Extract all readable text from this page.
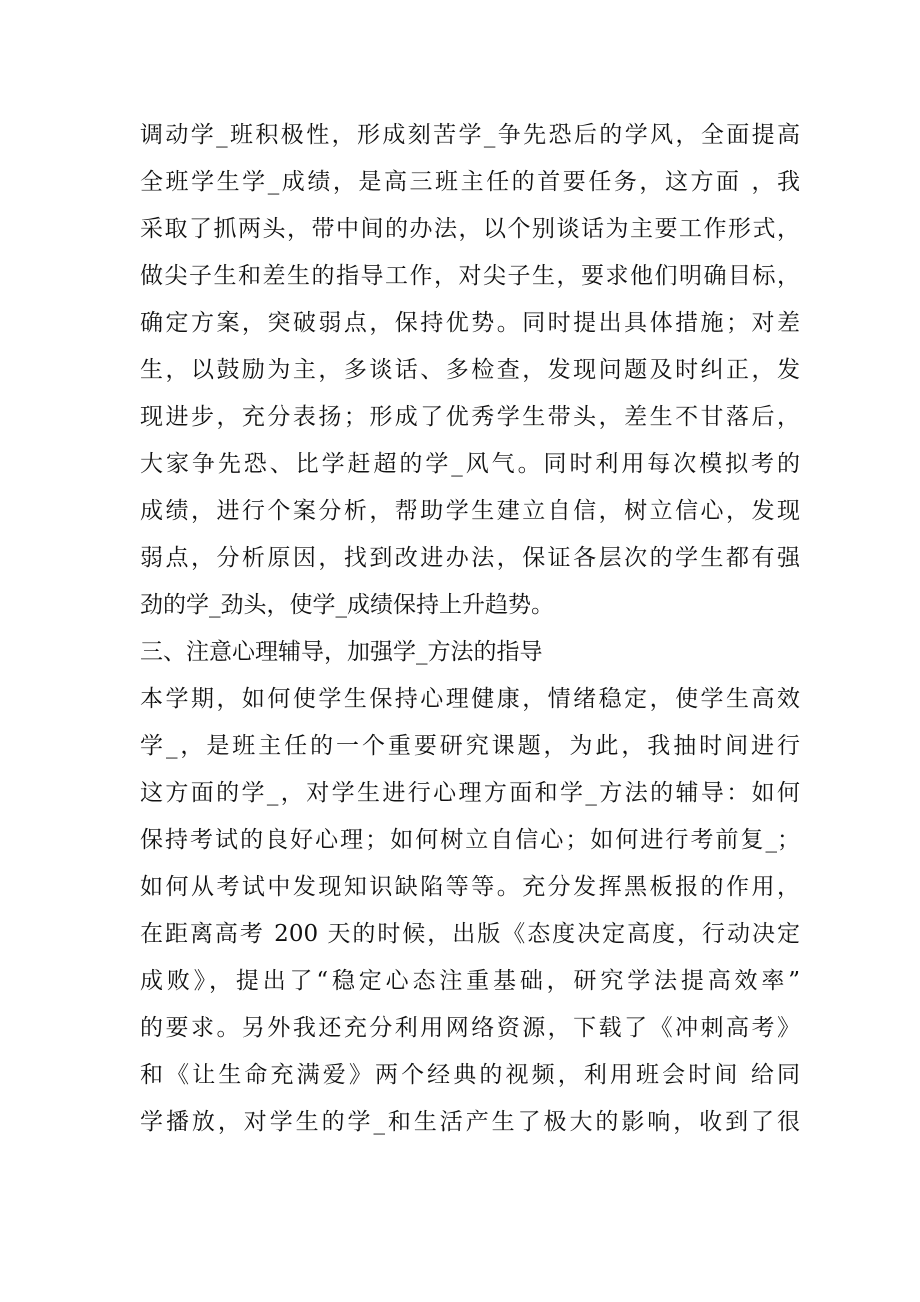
调动学_班积极性，形成刻苦学_争先恐后的学风，全面提高
全班学生学_成绩，是高三班主任的首要任务，这方面 ，我
采取了抓两头，带中间的办法，以个别谈话为主要工作形式，
做尖子生和差生的指导工作，对尖子生，要求他们明确目标，
确定方案，突破弱点，保持优势。同时提出具体措施；对差
生，以鼓励为主，多谈话、多检查，发现问题及时纠正，发
现进步，充分表扬；形成了优秀学生带头，差生不甘落后，
大家争先恐、比学赶超的学_风气。同时利用每次模拟考的
成绩，进行个案分析，帮助学生建立自信，树立信心，发现
弱点，分析原因，找到改进办法，保证各层次的学生都有强
劲的学_劲头，使学_成绩保持上升趋势。
三、注意心理辅导，加强学_方法的指导
本学期，如何使学生保持心理健康，情绪稳定，使学生高效
学_，是班主任的一个重要研究课题，为此，我抽时间进行
这方面的学_，对学生进行心理方面和学_方法的辅导：如何
保持考试的良好心理；如何树立自信心；如何进行考前复_；
如何从考试中发现知识缺陷等等。充分发挥黑板报的作用，
在距离高考 200 天的时候，出版《态度决定高度，行动决定
成败》，提出了“稳定心态注重基础，研究学法提高效率”
的要求。另外我还充分利用网络资源，下载了《冲刺高考》
和《让生命充满爱》两个经典的视频，利用班会时间 给同
学播放，对学生的学_和生活产生了极大的影响，收到了很
